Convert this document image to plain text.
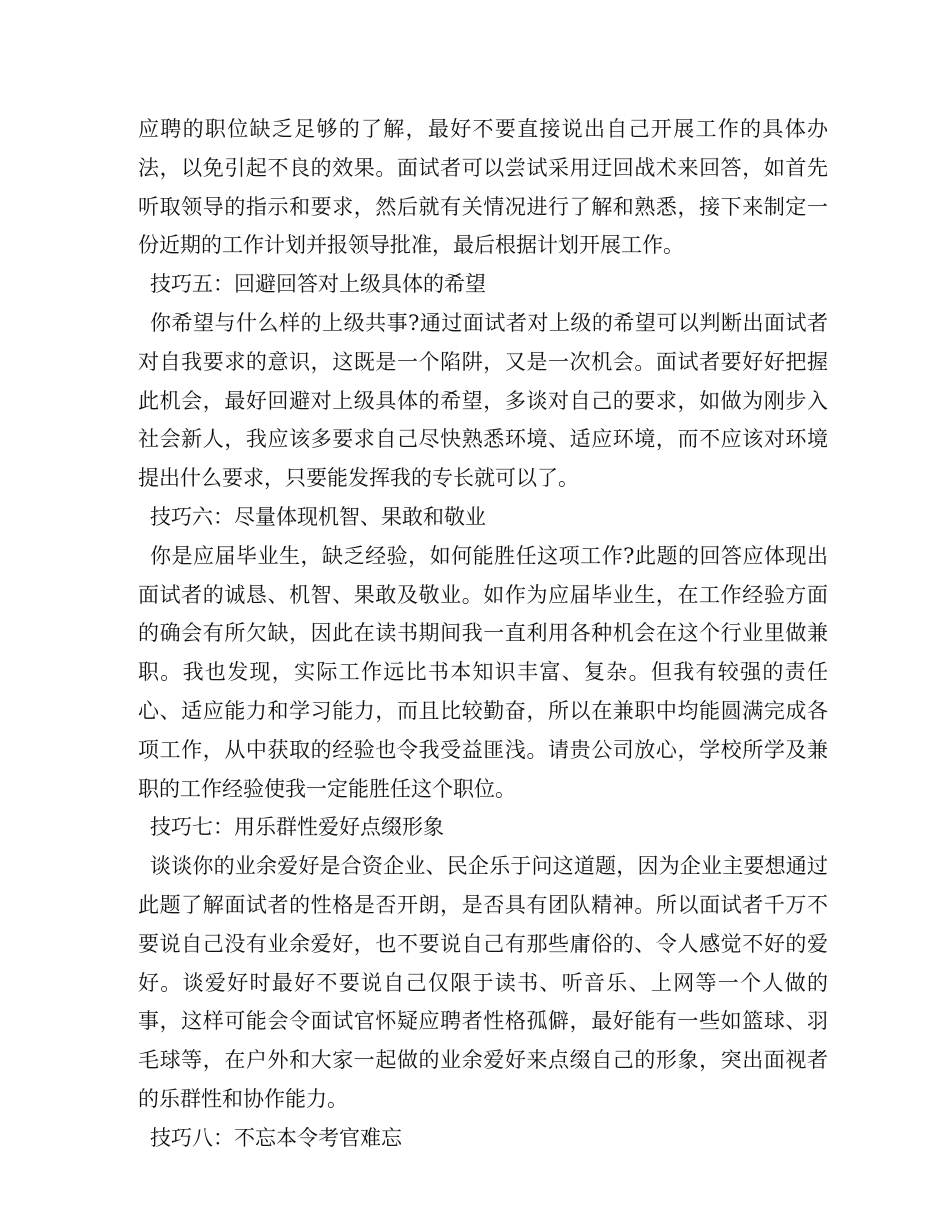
应聘的职位缺乏足够的了解，最好不要直接说出自己开展工作的具体办法，以免引起不良的效果。面试者可以尝试采用迂回战术来回答，如首先听取领导的指示和要求，然后就有关情况进行了解和熟悉，接下来制定一份近期的工作计划并报领导批准，最后根据计划开展工作。

技巧五：回避回答对上级具体的希望

你希望与什么样的上级共事?通过面试者对上级的希望可以判断出面试者对自我要求的意识，这既是一个陷阱，又是一次机会。面试者要好好把握此机会，最好回避对上级具体的希望，多谈对自己的要求，如做为刚步入社会新人，我应该多要求自己尽快熟悉环境、适应环境，而不应该对环境提出什么要求，只要能发挥我的专长就可以了。

技巧六：尽量体现机智、果敢和敬业

你是应届毕业生，缺乏经验，如何能胜任这项工作?此题的回答应体现出面试者的诚恳、机智、果敢及敬业。如作为应届毕业生，在工作经验方面的确会有所欠缺，因此在读书期间我一直利用各种机会在这个行业里做兼职。我也发现，实际工作远比书本知识丰富、复杂。但我有较强的责任心、适应能力和学习能力，而且比较勤奋，所以在兼职中均能圆满完成各项工作，从中获取的经验也令我受益匪浅。请贵公司放心，学校所学及兼职的工作经验使我一定能胜任这个职位。

技巧七：用乐群性爱好点缀形象

谈谈你的业余爱好是合资企业、民企乐于问这道题，因为企业主要想通过此题了解面试者的性格是否开朗，是否具有团队精神。所以面试者千万不要说自己没有业余爱好，也不要说自己有那些庸俗的、令人感觉不好的爱好。谈爱好时最好不要说自己仅限于读书、听音乐、上网等一个人做的事，这样可能会令面试官怀疑应聘者性格孤僻，最好能有一些如篮球、羽毛球等，在户外和大家一起做的业余爱好来点缀自己的形象，突出面视者的乐群性和协作能力。

技巧八：不忘本令考官难忘
